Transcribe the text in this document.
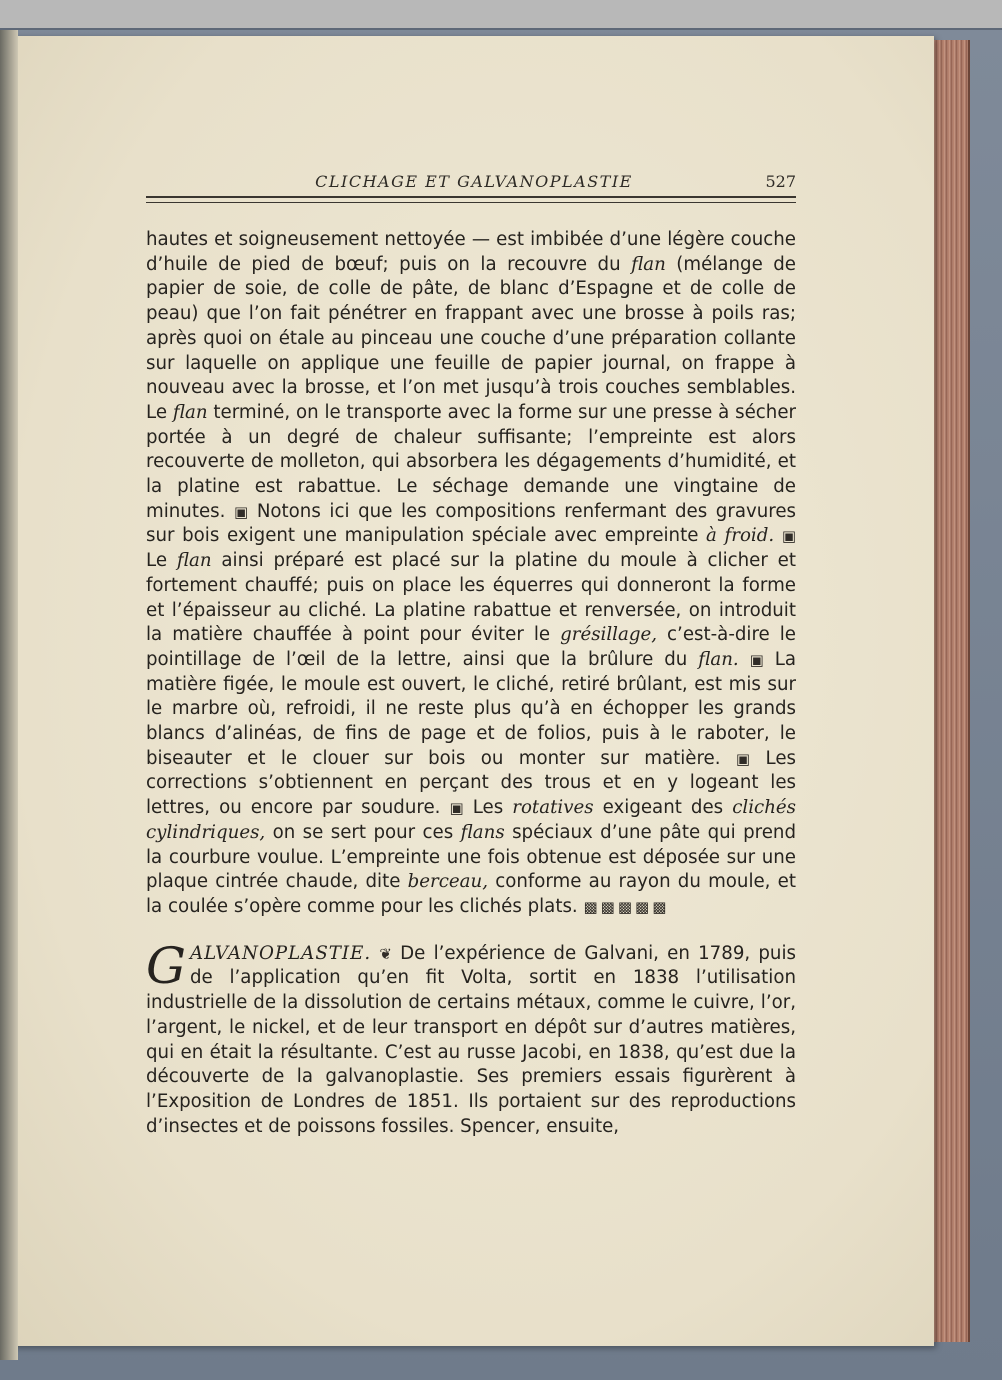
CLICHAGE ET GALVANOPLASTIE	527

hautes et soigneusement nettoyée — est imbibée d’une légère couche d’huile de pied de bœuf; puis on la recouvre du flan (mélange de papier de soie, de colle de pâte, de blanc d’Espagne et de colle de peau) que l’on fait pénétrer en frappant avec une brosse à poils ras; après quoi on étale au pinceau une couche d’une préparation collante sur laquelle on applique une feuille de papier journal, on frappe à nouveau avec la brosse, et l’on met jusqu’à trois couches semblables. Le flan terminé, on le transporte avec la forme sur une presse à sécher portée à un degré de chaleur suffisante; l’empreinte est alors recouverte de molleton, qui absorbera les dégagements d’humidité, et la platine est rabattue. Le séchage demande une vingtaine de minutes. ▣ Notons ici que les compositions renfermant des gravures sur bois exigent une manipulation spéciale avec empreinte à froid. ▣ Le flan ainsi préparé est placé sur la platine du moule à clicher et fortement chauffé; puis on place les équerres qui donneront la forme et l’épaisseur au cliché. La platine rabattue et renversée, on introduit la matière chauffée à point pour éviter le grésillage, c’est-à-dire le pointillage de l’œil de la lettre, ainsi que la brûlure du flan. ▣ La matière figée, le moule est ouvert, le cliché, retiré brûlant, est mis sur le marbre où, refroidi, il ne reste plus qu’à en échopper les grands blancs d’alinéas, de fins de page et de folios, puis à le raboter, le biseauter et le clouer sur bois ou monter sur matière. ▣ Les corrections s’obtiennent en perçant des trous et en y logeant les lettres, ou encore par soudure. ▣ Les rotatives exigeant des clichés cylindriques, on se sert pour ces flans spéciaux d’une pâte qui prend la courbure voulue. L’empreinte une fois obtenue est déposée sur une plaque cintrée chaude, dite berceau, conforme au rayon du moule, et la coulée s’opère comme pour les clichés plats. ▩▩▩▩▩

GALVANOPLASTIE. ❦ De l’expérience de Galvani, en 1789, puis de l’application qu’en fit Volta, sortit en 1838 l’utilisation industrielle de la dissolution de certains métaux, comme le cuivre, l’or, l’argent, le nickel, et de leur transport en dépôt sur d’autres matières, qui en était la résultante. C’est au russe Jacobi, en 1838, qu’est due la découverte de la galvanoplastie. Ses premiers essais figurèrent à l’Exposition de Londres de 1851. Ils portaient sur des reproductions d’insectes et de poissons fossiles. Spencer, ensuite,
